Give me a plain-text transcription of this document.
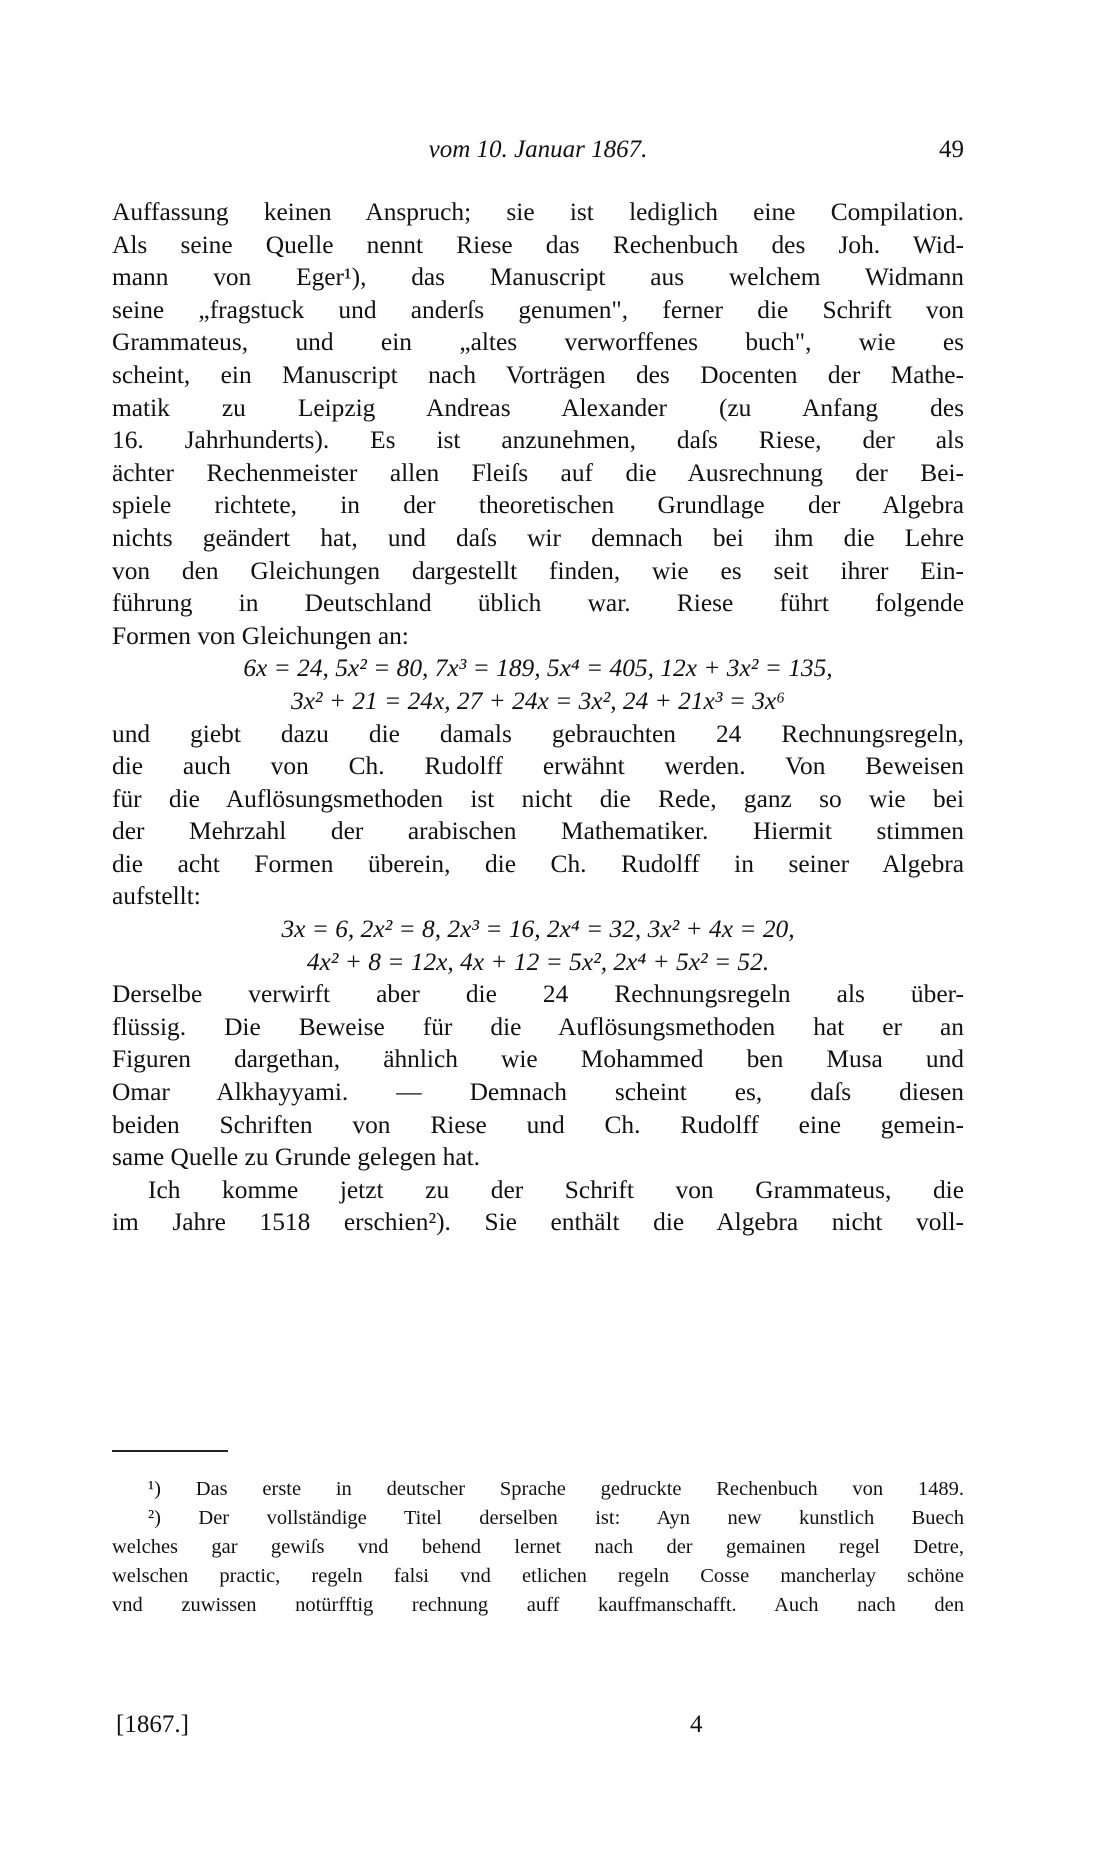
vom 10. Januar 1867.	49
Auffassung keinen Anspruch; sie ist lediglich eine Compilation.
Als seine Quelle nennt Riese das Rechenbuch des Joh. Wid-
mann von Eger¹), das Manuscript aus welchem Widmann
seine „fragstuck und anderſs genumen", ferner die Schrift von
Grammateus, und ein „altes verworffenes buch", wie es
scheint, ein Manuscript nach Vorträgen des Docenten der Mathe-
matik zu Leipzig Andreas Alexander (zu Anfang des
16. Jahrhunderts). Es ist anzunehmen, daſs Riese, der als
ächter Rechenmeister allen Fleiſs auf die Ausrechnung der Bei-
spiele richtete, in der theoretischen Grundlage der Algebra
nichts geändert hat, und daſs wir demnach bei ihm die Lehre
von den Gleichungen dargestellt finden, wie es seit ihrer Ein-
führung in Deutschland üblich war. Riese führt folgende
Formen von Gleichungen an:
6x = 24, 5x² = 80, 7x³ = 189, 5x⁴ = 405, 12x + 3x² = 135,
3x² + 21 = 24x, 27 + 24x = 3x², 24 + 21x³ = 3x⁶
und giebt dazu die damals gebrauchten 24 Rechnungsregeln,
die auch von Ch. Rudolff erwähnt werden. Von Beweisen
für die Auflösungsmethoden ist nicht die Rede, ganz so wie bei
der Mehrzahl der arabischen Mathematiker. Hiermit stimmen
die acht Formen überein, die Ch. Rudolff in seiner Algebra
aufstellt:
3x = 6, 2x² = 8, 2x³ = 16, 2x⁴ = 32, 3x² + 4x = 20,
4x² + 8 = 12x, 4x + 12 = 5x², 2x⁴ + 5x² = 52.
Derselbe verwirft aber die 24 Rechnungsregeln als über-
flüssig. Die Beweise für die Auflösungsmethoden hat er an
Figuren dargethan, ähnlich wie Mohammed ben Musa und
Omar Alkhayyami. — Demnach scheint es, daſs diesen
beiden Schriften von Riese und Ch. Rudolff eine gemein-
same Quelle zu Grunde gelegen hat.
Ich komme jetzt zu der Schrift von Grammateus, die
im Jahre 1518 erschien²). Sie enthält die Algebra nicht voll-
¹) Das erste in deutscher Sprache gedruckte Rechenbuch von 1489.
²) Der vollständige Titel derselben ist: Ayn new kunstlich Buech
welches gar gewiſs vnd behend lernet nach der gemainen regel Detre,
welschen practic, regeln falsi vnd etlichen regeln Cosse mancherlay schöne
vnd zuwissen notürfftig rechnung auff kauffmanschafft. Auch nach den
[1867.]	4
